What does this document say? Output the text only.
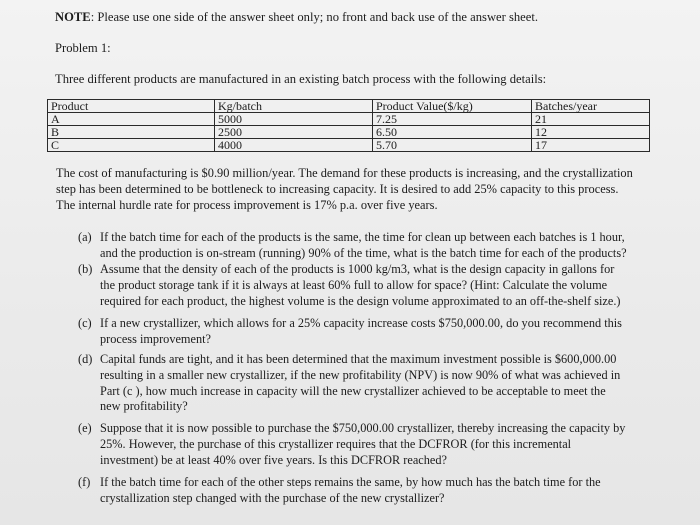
NOTE: Please use one side of the answer sheet only; no front and back use of the answer sheet.
Problem 1:
Three different products are manufactured in an existing batch process with the following details:
Product	Kg/batch	Product Value($/kg)	Batches/year
A	5000	7.25	21
B	2500	6.50	12
C	4000	5.70	17
The cost of manufacturing is $0.90 million/year. The demand for these products is increasing, and the crystallization
step has been determined to be bottleneck to increasing capacity. It is desired to add 25% capacity to this process.
The internal hurdle rate for process improvement is 17% p.a. over five years.
(a) If the batch time for each of the products is the same, the time for clean up between each batches is 1 hour,
and the production is on-stream (running) 90% of the time, what is the batch time for each of the products?
(b) Assume that the density of each of the products is 1000 kg/m3, what is the design capacity in gallons for
the product storage tank if it is always at least 60% full to allow for space? (Hint: Calculate the volume
required for each product, the highest volume is the design volume approximated to an off-the-shelf size.)
(c) If a new crystallizer, which allows for a 25% capacity increase costs $750,000.00, do you recommend this
process improvement?
(d) Capital funds are tight, and it has been determined that the maximum investment possible is $600,000.00
resulting in a smaller new crystallizer, if the new profitability (NPV) is now 90% of what was achieved in
Part (c ), how much increase in capacity will the new crystallizer achieved to be acceptable to meet the
new profitability?
(e) Suppose that it is now possible to purchase the $750,000.00 crystallizer, thereby increasing the capacity by
25%. However, the purchase of this crystallizer requires that the DCFROR (for this incremental
investment) be at least 40% over five years. Is this DCFROR reached?
(f) If the batch time for each of the other steps remains the same, by how much has the batch time for the
crystallization step changed with the purchase of the new crystallizer?
